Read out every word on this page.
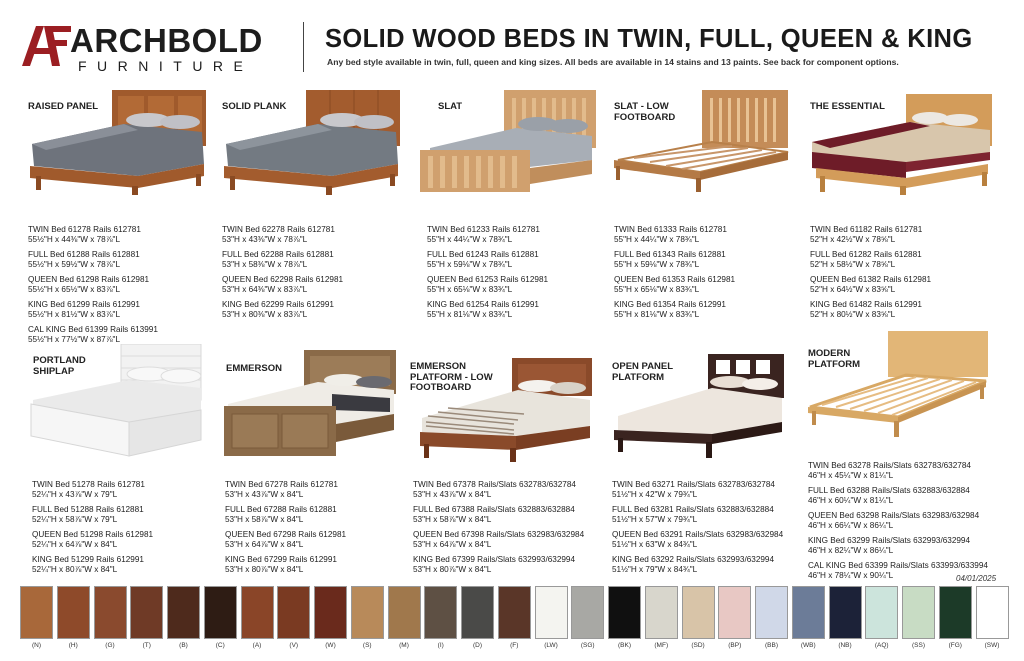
ARCHBOLD
FURNITURE
SOLID WOOD BEDS IN TWIN, FULL, QUEEN & KING
Any bed style available in twin, full, queen and king sizes. All beds are available in 14 stains and 13 paints. See back for component options.
RAISED PANEL
TWIN Bed 61278 Rails 612781
55½"H x 44⅜"W x 78⅞"L
FULL Bed 61288 Rails 612881
55½"H x 59½"W x 78⅞"L
QUEEN Bed 61298 Rails 612981
55½"H x 65½"W x 83⅞"L
KING Bed 61299 Rails 612991
55½"H x 81½"W x 83⅞"L
CAL KING Bed 61399 Rails 613991
55½"H x 77½"W x 87⅞"L
SOLID PLANK
TWIN Bed 62278 Rails 612781
53"H x 43⅜"W x 78⅞"L
FULL Bed 62288 Rails 612881
53"H x 58⅜"W x 78⅞"L
QUEEN Bed 62298 Rails 612981
53"H x 64⅜"W x 83⅞"L
KING Bed 62299 Rails 612991
53"H x 80⅜"W x 83⅞"L
SLAT
TWIN Bed 61233 Rails 612781
55"H x 44¼"W x 78¾"L
FULL Bed 61243 Rails 612881
55"H x 59⅛"W x 78¾"L
QUEEN Bed 61253 Rails 612981
55"H x 65⅛"W x 83¾"L
KING Bed 61254 Rails 612991
55"H x 81⅛"W x 83¾"L
SLAT - LOW FOOTBOARD
TWIN Bed 61333 Rails 612781
55"H x 44¼"W x 78¾"L
FULL Bed 61343 Rails 612881
55"H x 59⅛"W x 78¾"L
QUEEN Bed 61353 Rails 612981
55"H x 65⅛"W x 83¾"L
KING Bed 61354 Rails 612991
55"H x 81⅛"W x 83¾"L
THE ESSENTIAL
TWIN Bed 61182 Rails 612781
52"H x 42½"W x 78⅝"L
FULL Bed 61282 Rails 612881
52"H x 58½"W x 78⅝"L
QUEEN Bed 61382 Rails 612981
52"H x 64½"W x 83⅝"L
KING Bed 61482 Rails 612991
52"H x 80½"W x 83⅝"L
PORTLAND SHIPLAP
TWIN Bed 51278 Rails 612781
52¼"H x 43⅞"W x 79"L
FULL Bed 51288 Rails 612881
52¼"H x 58⅞"W x 79"L
QUEEN Bed 51298 Rails 612981
52¼"H x 64⅞"W x 84"L
KING Bed 51299 Rails 612991
52¼"H x 80⅞"W x 84"L
EMMERSON
TWIN Bed 67278 Rails 612781
53"H x 43⅞"W x 84"L
FULL Bed 67288 Rails 612881
53"H x 58⅞"W x 84"L
QUEEN Bed 67298 Rails 612981
53"H x 64⅞"W x 84"L
KING Bed 67299 Rails 612991
53"H x 80⅞"W x 84"L
EMMERSON PLATFORM - LOW FOOTBOARD
TWIN Bed 67378 Rails/Slats 632783/632784
53"H x 43⅞"W x 84"L
FULL Bed 67388 Rails/Slats 632883/632884
53"H x 58⅞"W x 84"L
QUEEN Bed 67398 Rails/Slats 632983/632984
53"H x 64⅞"W x 84"L
KING Bed 67399 Rails/Slats 632993/632994
53"H x 80⅞"W x 84"L
OPEN PANEL PLATFORM
TWIN Bed 63271 Rails/Slats 632783/632784
51½"H x 42"W x 79¾"L
FULL Bed 63281 Rails/Slats 632883/632884
51½"H x 57"W x 79¾"L
QUEEN Bed 63291 Rails/Slats 632983/632984
51½"H x 63"W x 84¾"L
KING Bed 63292 Rails/Slats 632993/632994
51½"H x 79"W x 84¾"L
MODERN PLATFORM
TWIN Bed 63278 Rails/Slats 632783/632784
46"H x 45¼"W x 81¼"L
FULL Bed 63288 Rails/Slats 632883/632884
46"H x 60¼"W x 81¼"L
QUEEN Bed 63298 Rails/Slats 632983/632984
46"H x 66¼"W x 86¼"L
KING Bed 63299 Rails/Slats 632993/632994
46"H x 82¼"W x 86¼"L
CAL KING Bed 63399 Rails/Slats 633993/633994
46"H x 78¼"W x 90¼"L	04/01/2025
(N)	(H)	(G)	(T)	(B)	(C)	(A)	(V)	(W)	(S)	(M)	(I)	(D)	(F)	(LW)	(SG)	(BK)	(MF)	(SD)	(BP)	(BB)	(WB)	(NB)	(AQ)	(SS)	(FG)	(SW)
